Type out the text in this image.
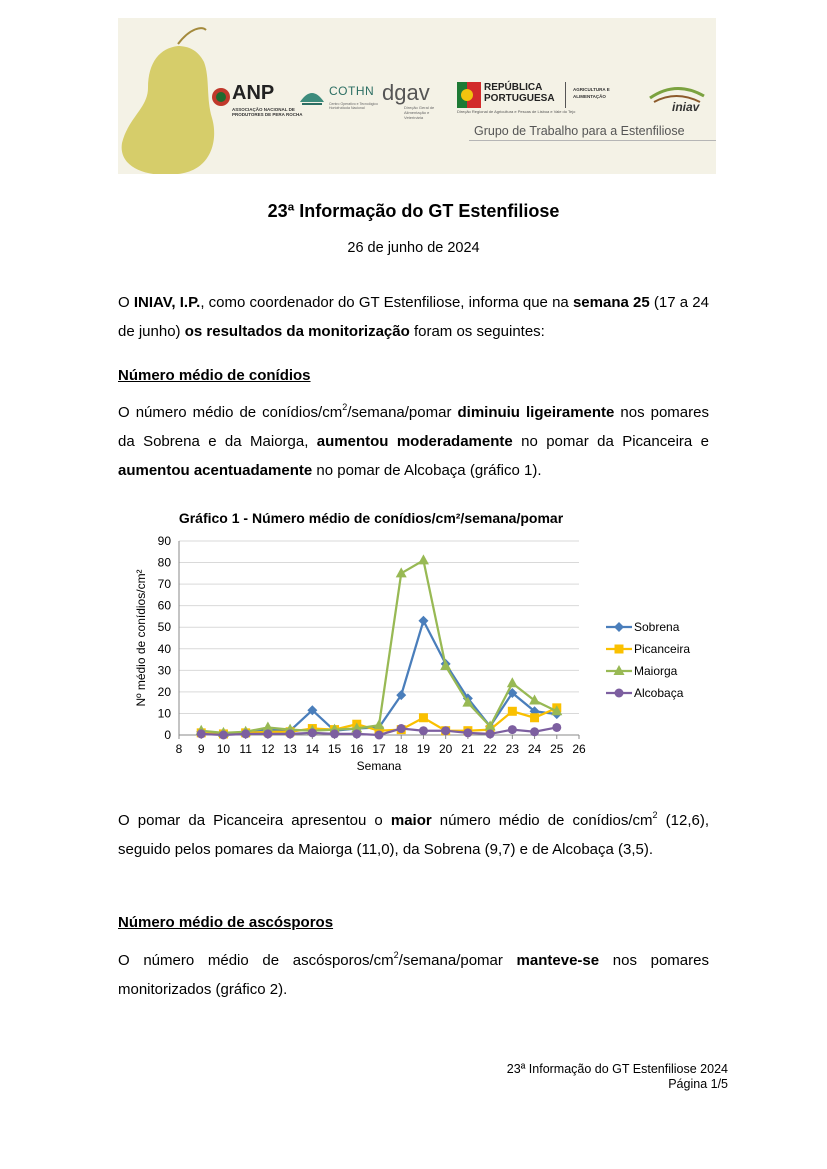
ANP
ASSOCIAÇÃO NACIONAL DE PRODUTORES DE PERA ROCHA
COTHN
Centro Operativo e Tecnológico Hortofrutícola Nacional
dgav
Direção Geral de Alimentação e Veterinária
REPÚBLICA PORTUGUESA
AGRICULTURA E ALIMENTAÇÃO
Direção Regional de Agricultura e Pescas de Lisboa e Vale do Tejo	iniav
Grupo de Trabalho para a Estenfiliose
23ª Informação do GT Estenfiliose
26 de junho de 2024

O INIAV, I.P., como coordenador do GT Estenfiliose, informa que na semana 25 (17 a 24 de junho) os resultados da monitorização foram os seguintes:

Número médio de conídios

O número médio de conídios/$cm^2/semana$/pomar diminuiu ligeiramente nos pomares da Sobrena e da Maiorga, aumentou moderadamente no pomar da Picanceira e aumentou acentuadamente no pomar de Alcobaça (gráfico 1).

Gráfico 1 - Número médio de conídios/cm²/semana/pomar
0
10
20
30
40
50
60
70
80
90
8 9 10 11 12 13 14 15 16 17 18 19 20 21 22 23 24 25 26
Semana
Nº médio de conídios/cm²	Sobrena
Picanceira
Maiorga
Alcobaça

O pomar da Picanceira apresentou o maior número médio de conídios/$cm^2$ (12,6), seguido pelos pomares da Maiorga (11,0), da Sobrena (9,7) e de Alcobaça (3,5).

Número médio de ascósporos

O número médio de ascósporos/$cm^2/semana$/pomar manteve-se nos pomares monitorizados (gráfico 2).

23ª Informação do GT Estenfiliose 2024
Página 1/5
